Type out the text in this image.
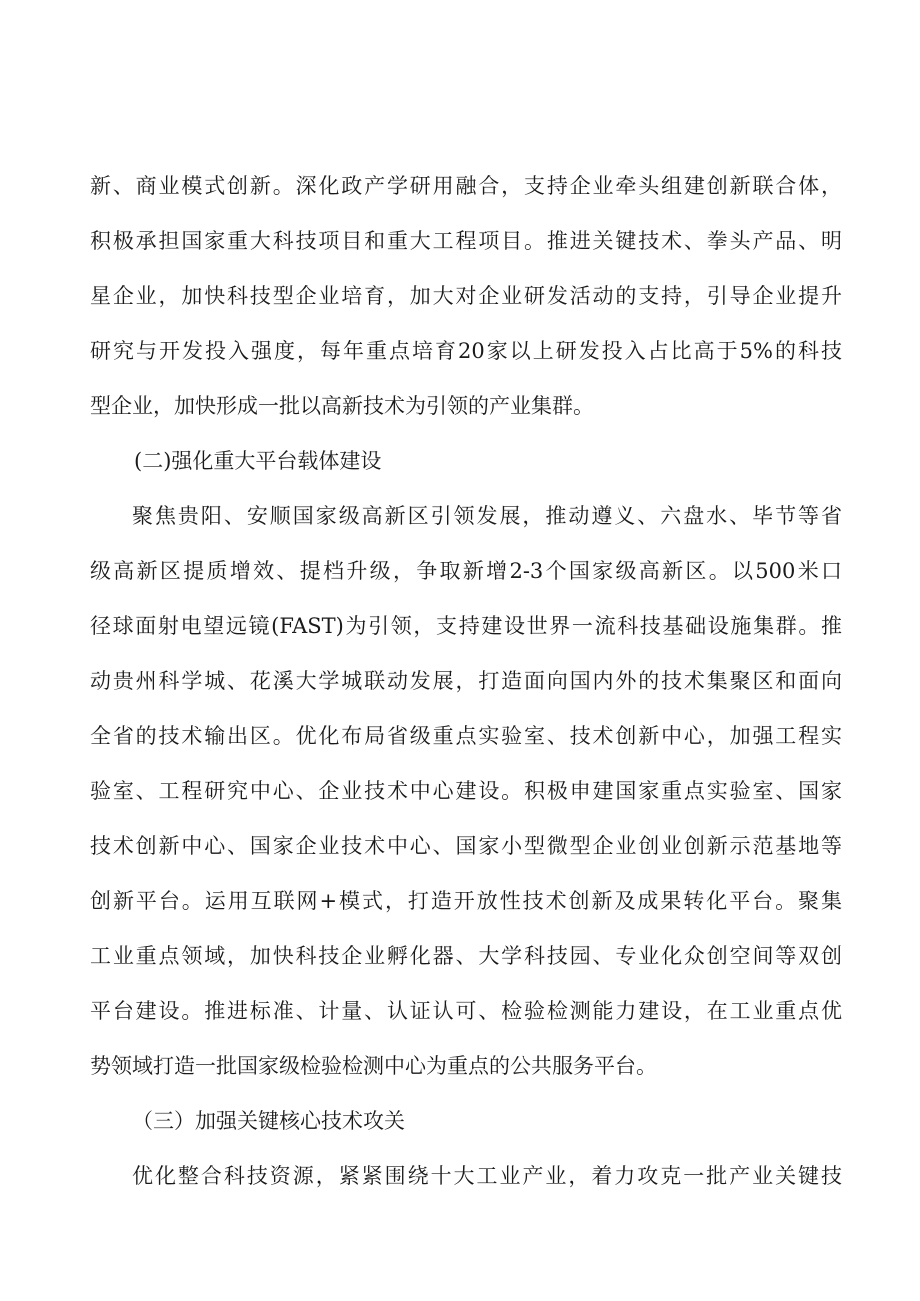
新、商业模式创新。深化政产学研用融合，支持企业牵头组建创新联合体，
积极承担国家重大科技项目和重大工程项目。推进关键技术、拳头产品、明
星企业，加快科技型企业培育，加大对企业研发活动的支持，引导企业提升
研究与开发投入强度，每年重点培育20家以上研发投入占比高于5%的科技
型企业，加快形成一批以高新技术为引领的产业集群。
(二)强化重大平台载体建设
聚焦贵阳、安顺国家级高新区引领发展，推动遵义、六盘水、毕节等省
级高新区提质增效、提档升级，争取新增2-3个国家级高新区。以500米口
径球面射电望远镜(FAST)为引领，支持建设世界一流科技基础设施集群。推
动贵州科学城、花溪大学城联动发展，打造面向国内外的技术集聚区和面向
全省的技术输出区。优化布局省级重点实验室、技术创新中心，加强工程实
验室、工程研究中心、企业技术中心建设。积极申建国家重点实验室、国家
技术创新中心、国家企业技术中心、国家小型微型企业创业创新示范基地等
创新平台。运用互联网+模式，打造开放性技术创新及成果转化平台。聚集
工业重点领域，加快科技企业孵化器、大学科技园、专业化众创空间等双创
平台建设。推进标准、计量、认证认可、检验检测能力建设，在工业重点优
势领域打造一批国家级检验检测中心为重点的公共服务平台。
（三）加强关键核心技术攻关
优化整合科技资源，紧紧围绕十大工业产业，着力攻克一批产业关键技
